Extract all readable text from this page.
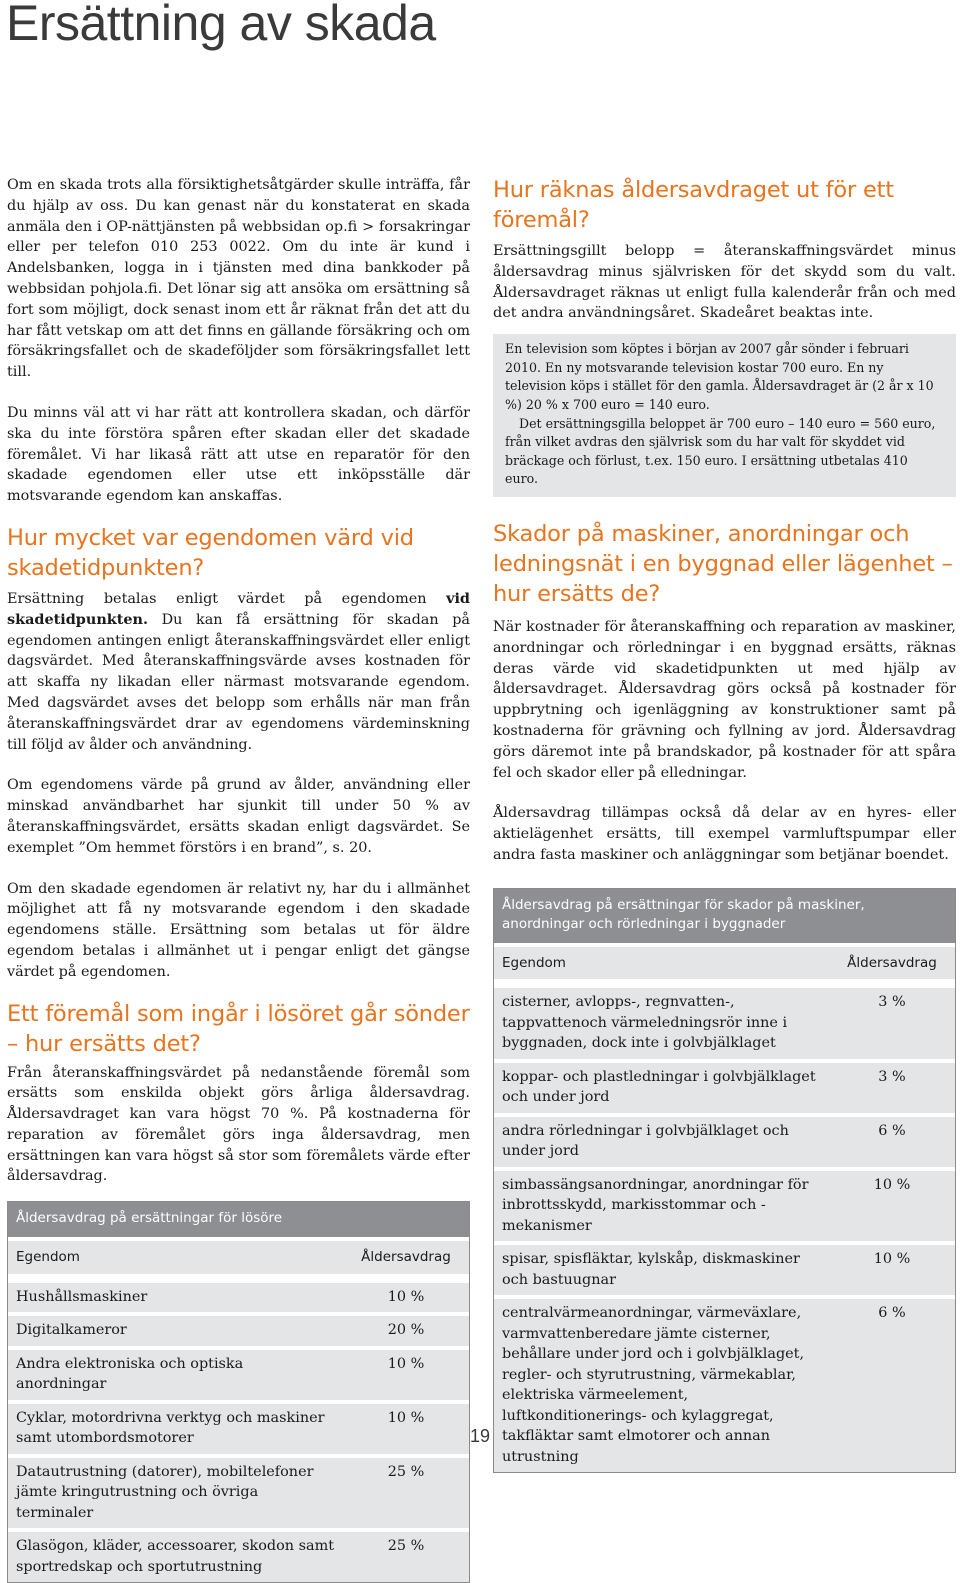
Ersättning av skada

Om en skada trots alla försiktighetsåtgärder skulle inträffa, får du hjälp av oss. Du kan genast när du konstaterat en skada anmäla den i OP-nättjänsten på webbsidan op.fi > forsakringar eller per telefon 010 253 0022. Om du inte är kund i Andelsbanken, logga in i tjänsten med dina bankkoder på webbsidan pohjola.fi. Det lönar sig att ansöka om ersättning så fort som möjligt, dock senast inom ett år räknat från det att du har fått vetskap om att det finns en gällande försäkring och om försäkringsfallet och de skadeföljder som försäkringsfallet lett till.

Du minns väl att vi har rätt att kontrollera skadan, och därför ska du inte förstöra spåren efter skadan eller det skadade föremålet. Vi har likaså rätt att utse en reparatör för den skadade egendomen eller utse ett inköpsställe där motsvarande egendom kan anskaffas.

Hur mycket var egendomen värd vid skadetidpunkten?

Ersättning betalas enligt värdet på egendomen vid skadetidpunkten. Du kan få ersättning för skadan på egendomen antingen enligt återanskaffningsvärdet eller enligt dagsvärdet. Med återanskaffningsvärde avses kostnaden för att skaffa ny likadan eller närmast motsvarande egendom. Med dagsvärdet avses det belopp som erhålls när man från återanskaffningsvärdet drar av egendomens värdeminskning till följd av ålder och användning.

Om egendomens värde på grund av ålder, användning eller minskad användbarhet har sjunkit till under 50 % av återanskaffningsvärdet, ersätts skadan enligt dagsvärdet. Se exemplet ”Om hemmet förstörs i en brand”, s. 20.

Om den skadade egendomen är relativt ny, har du i allmänhet möjlighet att få ny motsvarande egendom i den skadade egendomens ställe. Ersättning som betalas ut för äldre egendom betalas i allmänhet ut i pengar enligt det gängse värdet på egendomen.

Ett föremål som ingår i lösöret går sönder – hur ersätts det?

Från återanskaffningsvärdet på nedanstående föremål som ersätts som enskilda objekt görs årliga åldersavdrag. Åldersavdraget kan vara högst 70 %. På kostnaderna för reparation av föremålet görs inga åldersavdrag, men ersättningen kan vara högst så stor som föremålets värde efter åldersavdrag.

Åldersavdrag på ersättningar för lösöre	
Egendom	Åldersavdrag
Hushållsmaskiner	10 %
Digitalkameror	20 %
Andra elektroniska och optiska anordningar	10 %
Cyklar, motordrivna verktyg och maskiner samt utombordsmotorer	10 %
Datautrustning (datorer), mobiltelefoner jämte kringutrustning och övriga terminaler	25 %
Glasögon, kläder, accessoarer, skodon samt sportredskap och sportutrustning	25 %
Hur räknas åldersavdraget ut för ett föremål?

Ersättningsgillt belopp = återanskaffningsvärdet minus åldersavdrag minus självrisken för det skydd som du valt. Åldersavdraget räknas ut enligt fulla kalenderår från och med det andra användningsåret. Skadeåret beaktas inte.

En television som köptes i början av 2007 går sönder i februari 2010. En ny motsvarande television kostar 700 euro. En ny television köps i stället för den gamla. Åldersavdraget är (2 år x 10 %) 20 % x 700 euro = 140 euro.

Det ersättningsgilla beloppet är 700 euro – 140 euro = 560 euro, från vilket avdras den självrisk som du har valt för skyddet vid bräckage och förlust, t.ex. 150 euro. I ersättning utbetalas 410 euro.

Skador på maskiner, anordningar och ledningsnät i en byggnad eller lägenhet – hur ersätts de?

När kostnader för återanskaffning och reparation av maskiner, anordningar och rörledningar i en byggnad ersätts, räknas deras värde vid skadetidpunkten ut med hjälp av åldersavdraget. Åldersavdrag görs också på kostnader för uppbrytning och igenläggning av konstruktioner samt på kostnaderna för grävning och fyllning av jord. Åldersavdrag görs däremot inte på brandskador, på kostnader för att spåra fel och skador eller på elledningar.

Åldersavdrag tillämpas också då delar av en hyres- eller aktielägenhet ersätts, till exempel varmluftspumpar eller andra fasta maskiner och anläggningar som betjänar boendet.

Åldersavdrag på ersättningar för skador på maskiner, anordningar och rörledningar i byggnader	
Egendom	Åldersavdrag
cisterner, avlopps-, regnvatten-, tappvattenoch värmeledningsrör inne i byggnaden, dock inte i golvbjälklaget	3 %
koppar- och plastledningar i golvbjälklaget och under jord	3 %
andra rörledningar i golvbjälklaget och under jord	6 %
simbassängsanordningar, anordningar för inbrottsskydd, markisstommar och -mekanismer	10 %
spisar, spisfläktar, kylskåp, diskmaskiner och bastuugnar	10 %
centralvärmeanordningar, värmeväxlare, varmvattenberedare jämte cisterner, behållare under jord och i golvbjälklaget, regler- och styrutrustning, värmekablar, elektriska värmeelement, luftkonditionerings- och kylaggregat, takfläktar samt elmotorer och annan utrustning	6 %
19
